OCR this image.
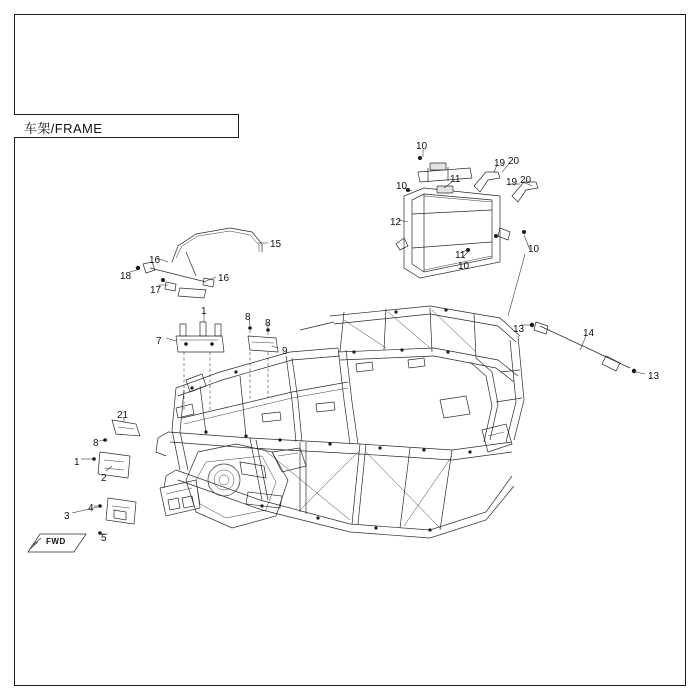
车架/FRAME
10
19 20
10
11	19 20
12
11
10
10
15
16
16
18
17
13	14
13
1
8
8
7
9
21
8
1
2
4
3
5
FWD
